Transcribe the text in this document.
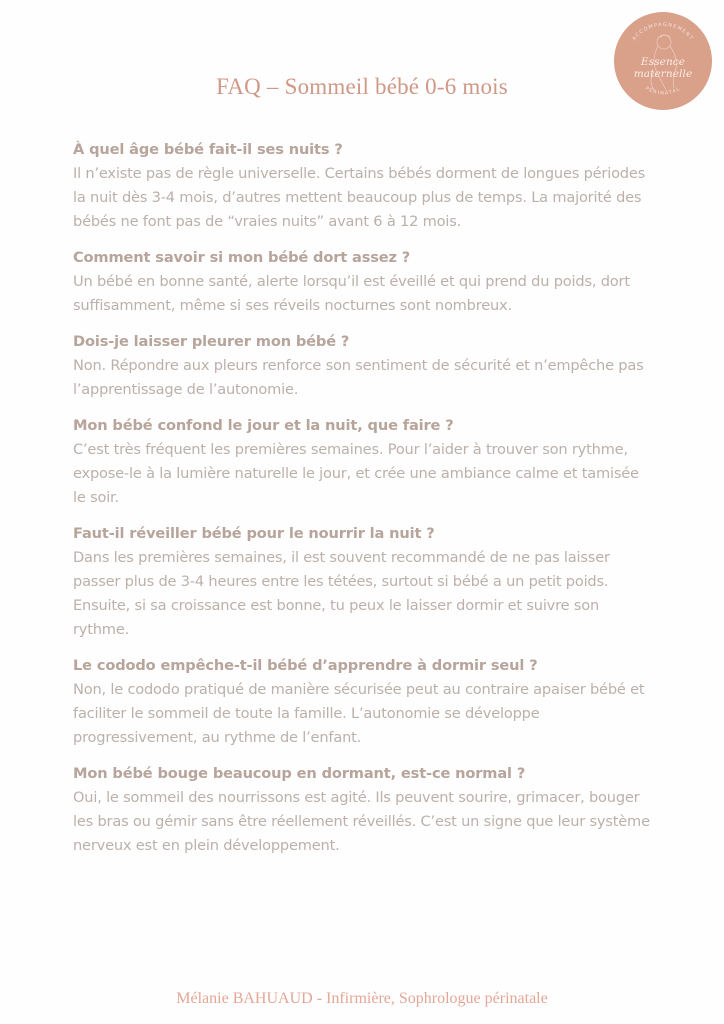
ACCOMPAGNEMENT
PÉRINATAL
Essence maternelle
FAQ – Sommeil bébé 0-6 mois
À quel âge bébé fait-il ses nuits ?
Il n’existe pas de règle universelle. Certains bébés dorment de longues périodes la nuit dès 3-4 mois, d’autres mettent beaucoup plus de temps. La majorité des bébés ne font pas de “vraies nuits” avant 6 à 12 mois.
Comment savoir si mon bébé dort assez ?
Un bébé en bonne santé, alerte lorsqu’il est éveillé et qui prend du poids, dort suffisamment, même si ses réveils nocturnes sont nombreux.
Dois-je laisser pleurer mon bébé ?
Non. Répondre aux pleurs renforce son sentiment de sécurité et n’empêche pas l’apprentissage de l’autonomie.
Mon bébé confond le jour et la nuit, que faire ?
C’est très fréquent les premières semaines. Pour l’aider à trouver son rythme, expose-le à la lumière naturelle le jour, et crée une ambiance calme et tamisée le soir.
Faut-il réveiller bébé pour le nourrir la nuit ?
Dans les premières semaines, il est souvent recommandé de ne pas laisser passer plus de 3-4 heures entre les tétées, surtout si bébé a un petit poids. Ensuite, si sa croissance est bonne, tu peux le laisser dormir et suivre son rythme.
Le cododo empêche-t-il bébé d’apprendre à dormir seul ?
Non, le cododo pratiqué de manière sécurisée peut au contraire apaiser bébé et faciliter le sommeil de toute la famille. L’autonomie se développe progressivement, au rythme de l’enfant.
Mon bébé bouge beaucoup en dormant, est-ce normal ?
Oui, le sommeil des nourrissons est agité. Ils peuvent sourire, grimacer, bouger les bras ou gémir sans être réellement réveillés. C’est un signe que leur système nerveux est en plein développement.
Mélanie BAHUAUD - Infirmière, Sophrologue périnatale
